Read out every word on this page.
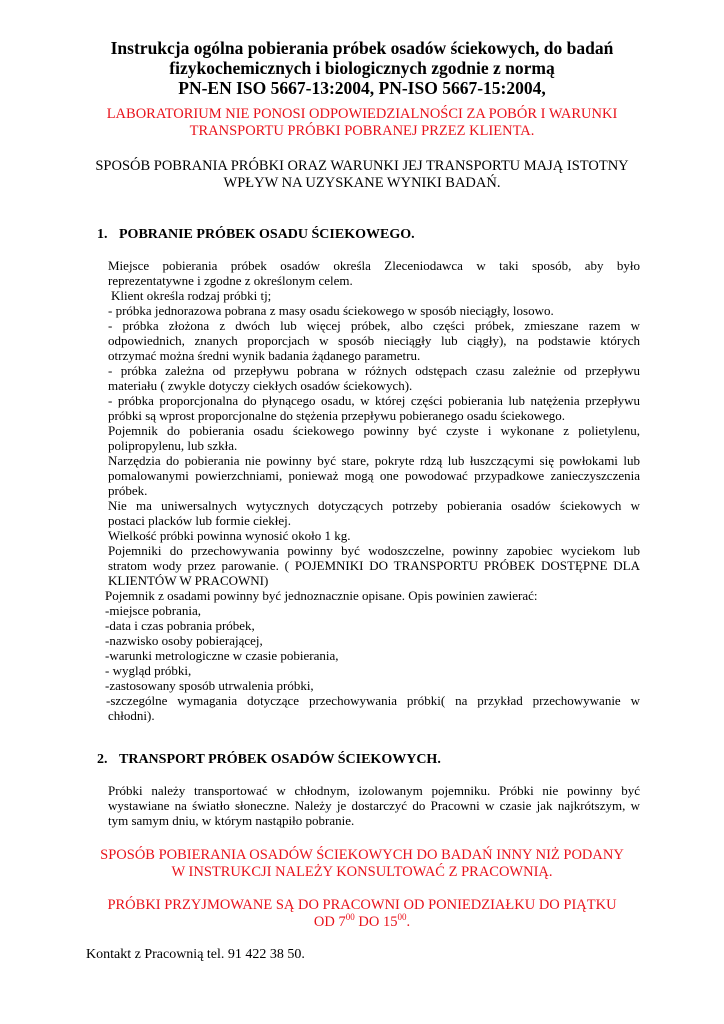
Instrukcja ogólna pobierania próbek osadów ściekowych, do badań
fizykochemicznych i biologicznych zgodnie z normą
PN-EN ISO 5667-13:2004, PN-ISO 5667-15:2004,
LABORATORIUM NIE PONOSI ODPOWIEDZIALNOŚCI ZA POBÓR I WARUNKI
TRANSPORTU PRÓBKI POBRANEJ PRZEZ KLIENTA.
SPOSÓB POBRANIA PRÓBKI ORAZ WARUNKI JEJ TRANSPORTU MAJĄ ISTOTNY
WPŁYW NA UZYSKANE WYNIKI BADAŃ.
1. POBRANIE PRÓBEK OSADU ŚCIEKOWEGO.
Miejsce pobierania próbek osadów określa Zleceniodawca w taki sposób, aby było
reprezentatywne i zgodne z określonym celem.
Klient określa rodzaj próbki tj;
- próbka jednorazowa pobrana z masy osadu ściekowego w sposób nieciągły, losowo.
- próbka złożona z dwóch lub więcej próbek, albo części próbek, zmieszane razem w
odpowiednich, znanych proporcjach w sposób nieciągły lub ciągły), na podstawie których
otrzymać można średni wynik badania żądanego parametru.
- próbka zależna od przepływu pobrana w różnych odstępach czasu zależnie od przepływu
materiału ( zwykle dotyczy ciekłych osadów ściekowych).
- próbka proporcjonalna do płynącego osadu, w której części pobierania lub natężenia przepływu
próbki są wprost proporcjonalne do stężenia przepływu pobieranego osadu ściekowego.
Pojemnik do pobierania osadu ściekowego powinny być czyste i wykonane z polietylenu,
polipropylenu, lub szkła.
Narzędzia do pobierania nie powinny być stare, pokryte rdzą lub łuszczącymi się powłokami lub
pomalowanymi powierzchniami, ponieważ mogą one powodować przypadkowe zanieczyszczenia
próbek.
Nie ma uniwersalnych wytycznych dotyczących potrzeby pobierania osadów ściekowych w
postaci placków lub formie ciekłej.
Wielkość próbki powinna wynosić około 1 kg.
Pojemniki do przechowywania powinny być wodoszczelne, powinny zapobiec wyciekom lub
stratom wody przez parowanie. ( POJEMNIKI DO TRANSPORTU PRÓBEK DOSTĘPNE DLA
KLIENTÓW W PRACOWNI)
Pojemnik z osadami powinny być jednoznacznie opisane. Opis powinien zawierać:
-miejsce pobrania,
-data i czas pobrania próbek,
-nazwisko osoby pobierającej,
-warunki metrologiczne w czasie pobierania,
- wygląd próbki,
-zastosowany sposób utrwalenia próbki,
-szczególne wymagania dotyczące przechowywania próbki( na przykład przechowywanie w
chłodni).
2. TRANSPORT PRÓBEK OSADÓW ŚCIEKOWYCH.
Próbki należy transportować w chłodnym, izolowanym pojemniku. Próbki nie powinny być
wystawiane na światło słoneczne. Należy je dostarczyć do Pracowni w czasie jak najkrótszym, w
tym samym dniu, w którym nastąpiło pobranie.
SPOSÓB POBIERANIA OSADÓW ŚCIEKOWYCH DO BADAŃ INNY NIŻ PODANY
W INSTRUKCJI NALEŻY KONSULTOWAĆ Z PRACOWNIĄ.
PRÓBKI PRZYJMOWANE SĄ DO PRACOWNI OD PONIEDZIAŁKU DO PIĄTKU
OD $7^{00}$ DO $15^{00}$.
Kontakt z Pracownią tel. 91 422 38 50.
